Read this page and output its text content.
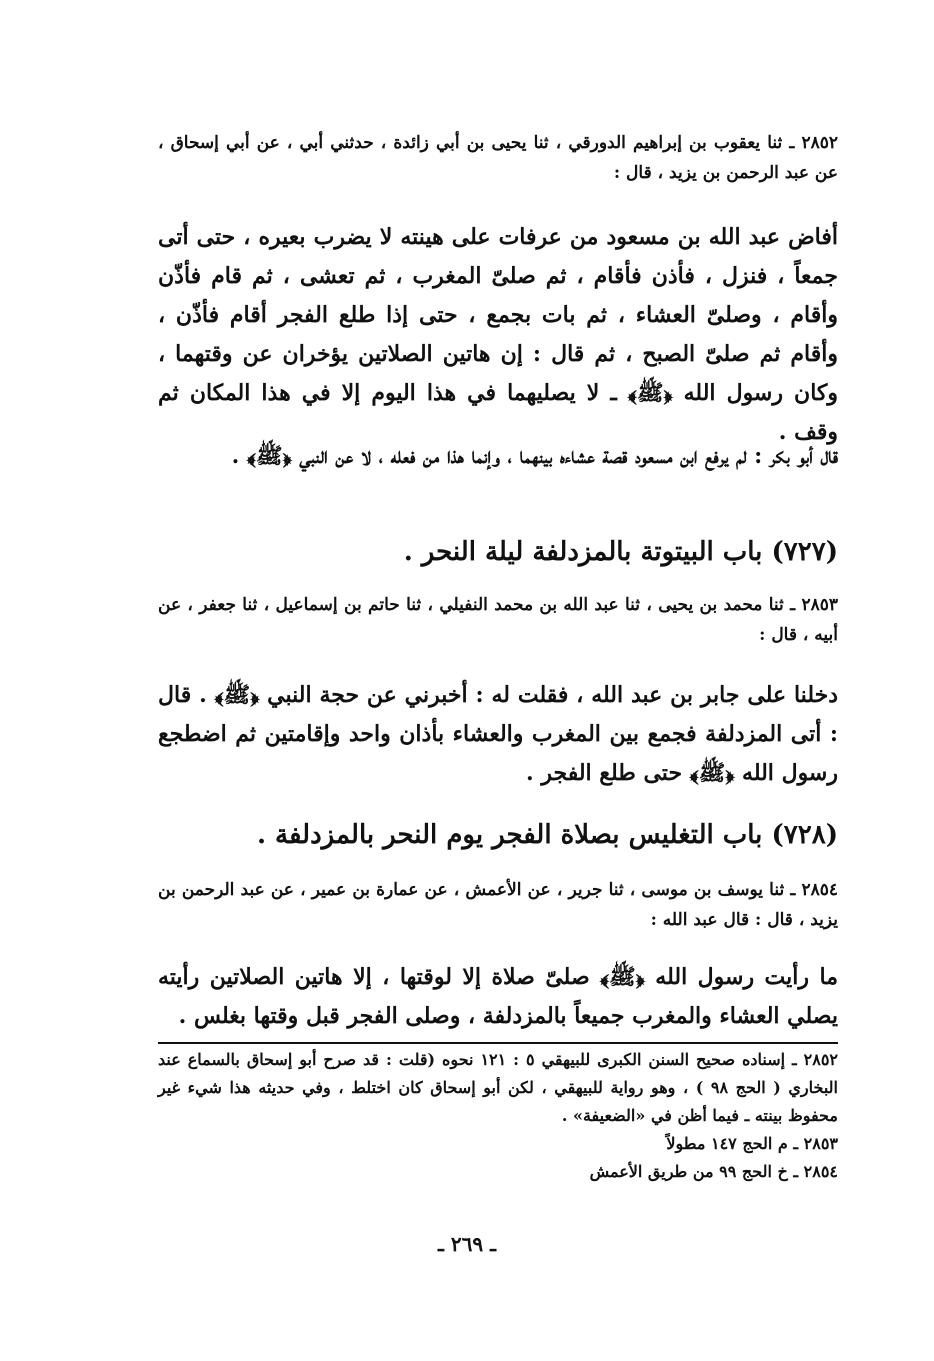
٢٨٥٢ ـ ثنا يعقوب بن إبراهيم الدورقي ، ثنا يحيى بن أبي زائدة ، حدثني أبي ، عن أبي إسحاق ، عن عبد الرحمن بن يزيد ، قال :

أفاض عبد الله بن مسعود من عرفات على هينته لا يضرب بعيره ، حتى أتى جمعاً ، فنزل ، فأذن فأقام ، ثم صلىّ المغرب ، ثم تعشى ، ثم قام فأذّن وأقام ، وصلىّ العشاء ، ثم بات بجمع ، حتى إذا طلع الفجر أقام فأذّن ، وأقام ثم صلىّ الصبح ، ثم قال : إن هاتين الصلاتين يؤخران عن وقتهما ، وكان رسول الله ﴿ﷺ﴾ ـ لا يصليهما في هذا اليوم إلا في هذا المكان ثم وقف .

قال أبو بكر : لم يرفع ابن مسعود قصة عشاءه بينهما ، وإنما هذا من فعله ، لا عن النبي ﴿ﷺ﴾ .

(٧٢٧) باب البيتوتة بالمزدلفة ليلة النحر .

٢٨٥٣ ـ ثنا محمد بن يحيى ، ثنا عبد الله بن محمد النفيلي ، ثنا حاتم بن إسماعيل ، ثنا جعفر ، عن أبيه ، قال :

دخلنا على جابر بن عبد الله ، فقلت له : أخبرني عن حجة النبي ﴿ﷺ﴾ . قال : أتى المزدلفة فجمع بين المغرب والعشاء بأذان واحد وإقامتين ثم اضطجع رسول الله ﴿ﷺ﴾ حتى طلع الفجر .

(٧٢٨) باب التغليس بصلاة الفجر يوم النحر بالمزدلفة .

٢٨٥٤ ـ ثنا يوسف بن موسى ، ثنا جرير ، عن الأعمش ، عن عمارة بن عمير ، عن عبد الرحمن بن يزيد ، قال : قال عبد الله :

ما رأيت رسول الله ﴿ﷺ﴾ صلىّ صلاة إلا لوقتها ، إلا هاتين الصلاتين رأيته يصلي العشاء والمغرب جميعاً بالمزدلفة ، وصلى الفجر قبل وقتها بغلس .

٢٨٥٢ ـ إسناده صحيح السنن الكبرى للبيهقي ٥ : ١٢١ نحوه (قلت : قد صرح أبو إسحاق بالسماع عند البخاري ( الحج ٩٨ ) ، وهو رواية للبيهقي ، لكن أبو إسحاق كان اختلط ، وفي حديثه هذا شيء غير محفوظ بينته ـ فيما أظن في «الضعيفة» .

٢٨٥٣ ـ م الحج ١٤٧ مطولاً

٢٨٥٤ ـ خ الحج ٩٩ من طريق الأعمش

ـ ٢٦٩ ـ
